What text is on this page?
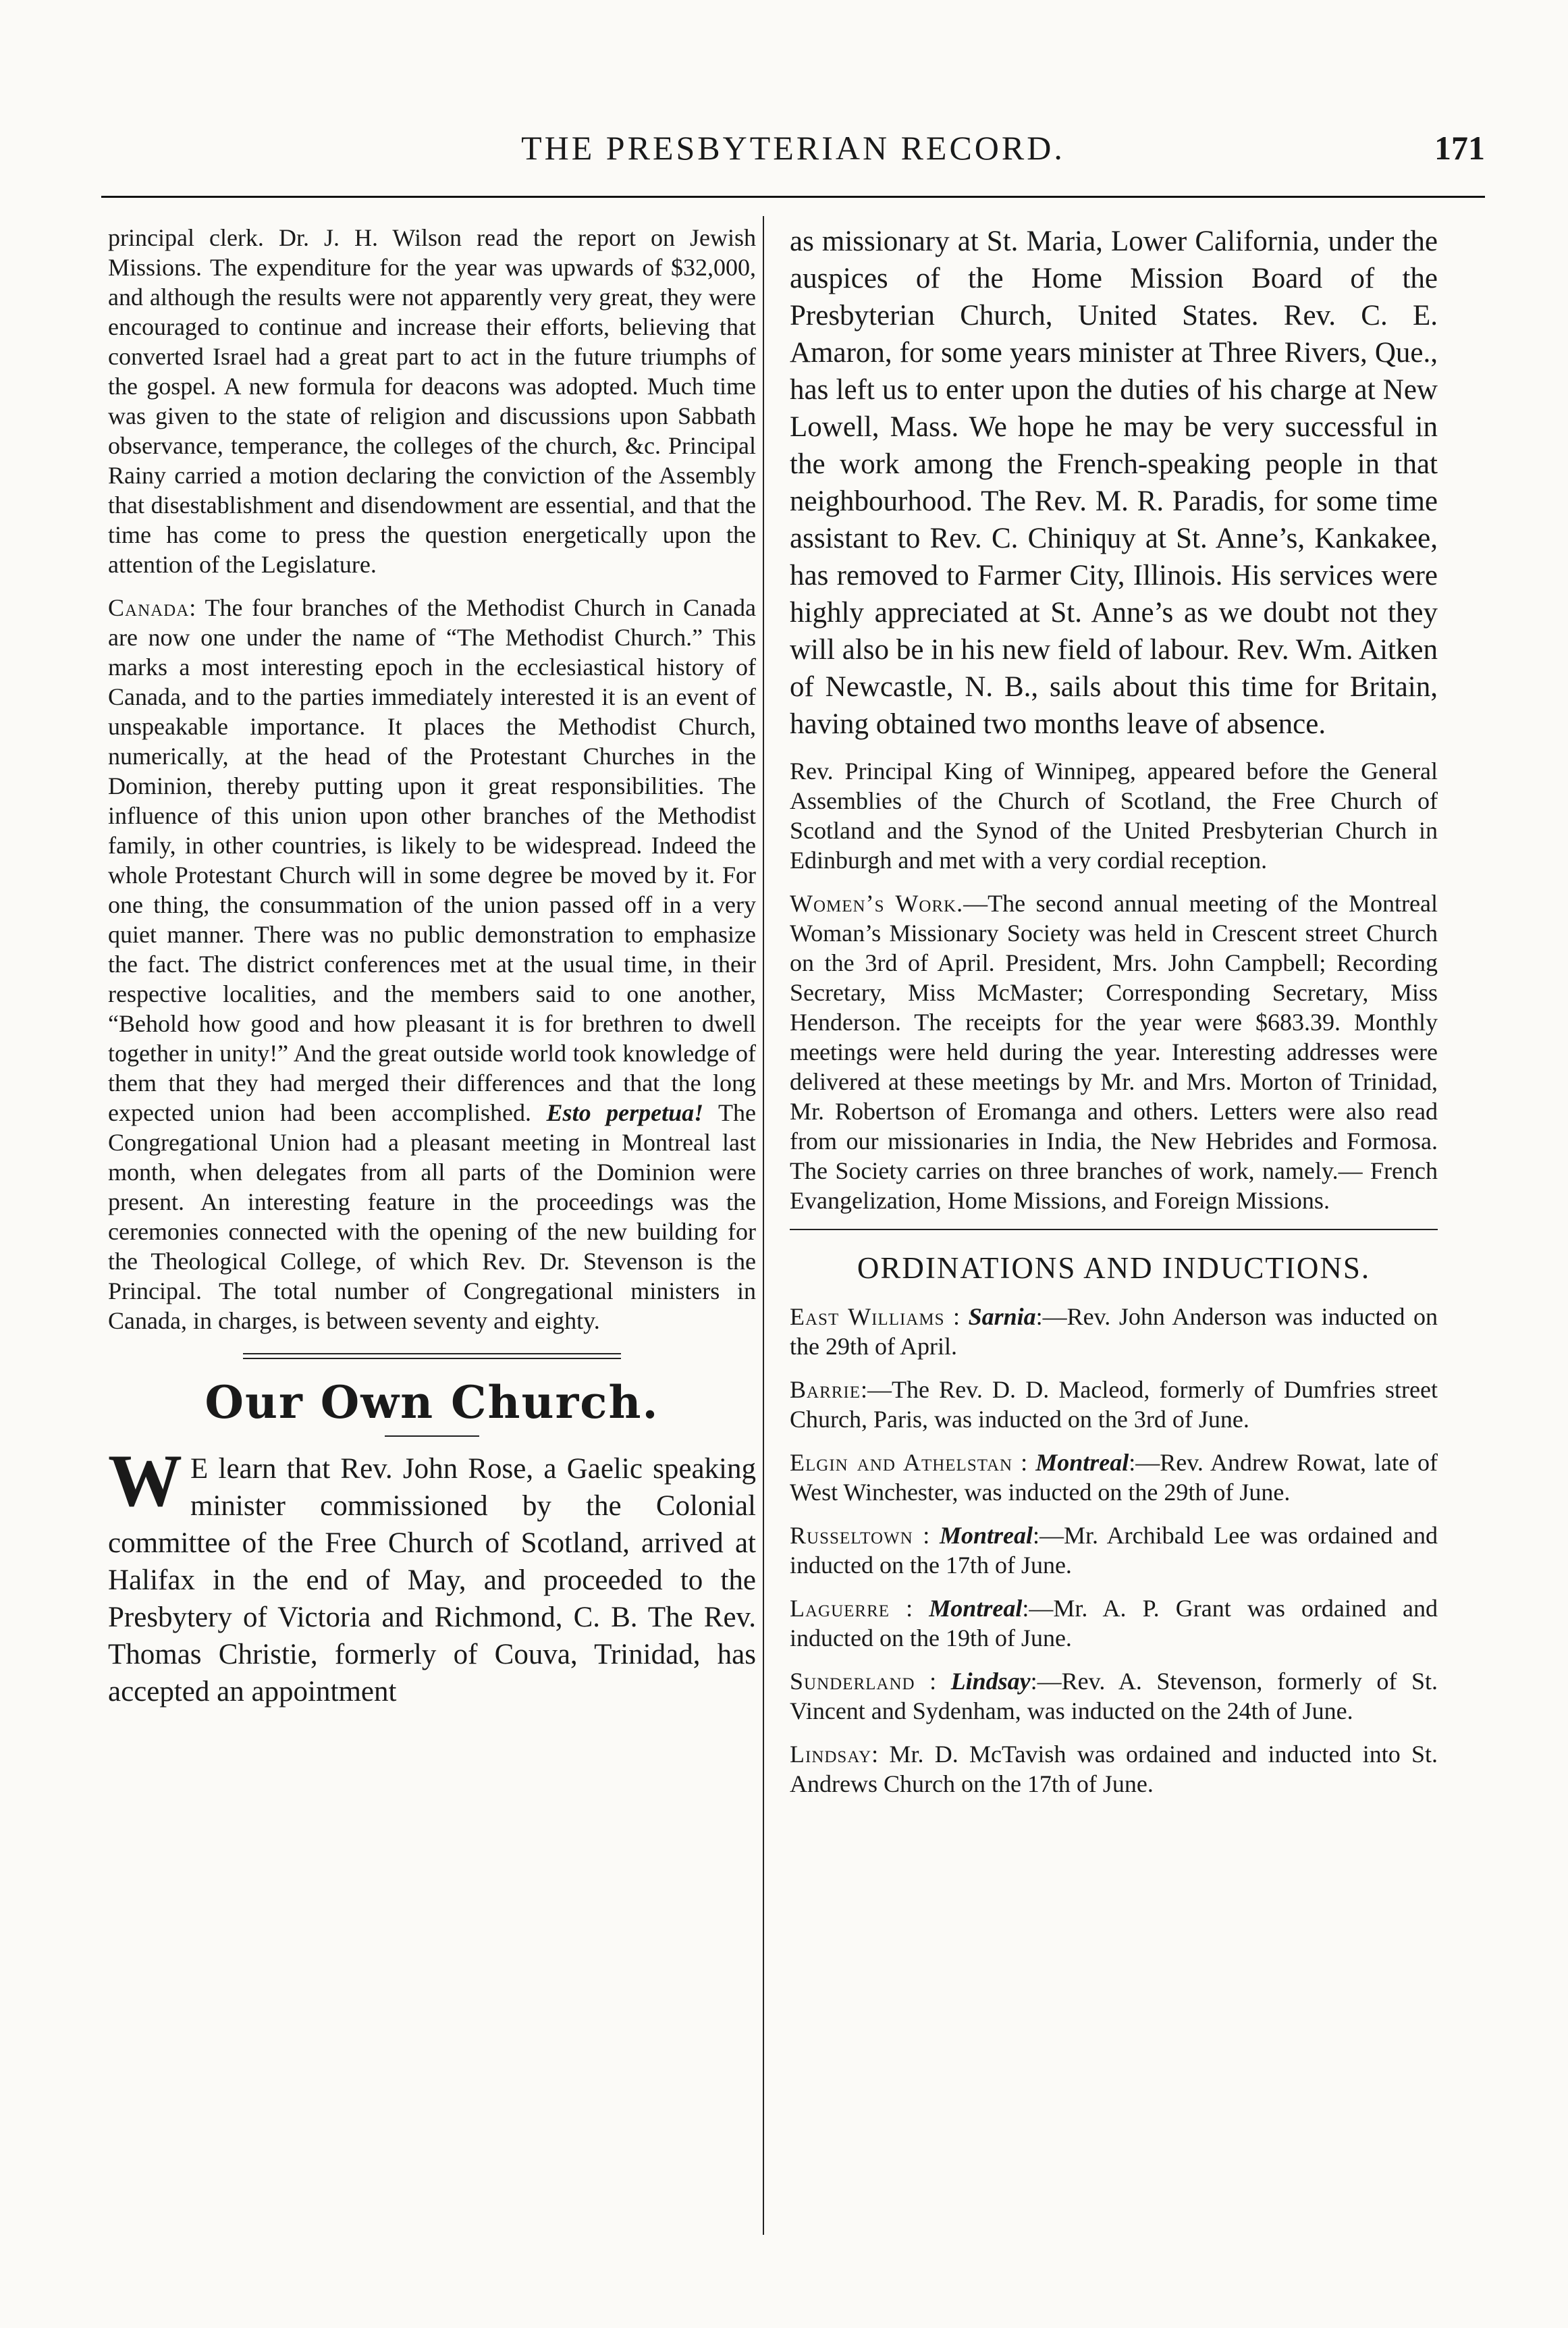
THE PRESBYTERIAN RECORD.	171

principal clerk. Dr. J. H. Wilson read the report on Jewish Missions. The expenditure for the year was upwards of $32,000, and although the results were not apparently very great, they were encouraged to continue and increase their efforts, believing that converted Israel had a great part to act in the future triumphs of the gospel. A new formula for deacons was adopted. Much time was given to the state of religion and discussions upon Sabbath observance, temperance, the colleges of the church, &c. Principal Rainy carried a motion declaring the conviction of the Assembly that disestablishment and disendowment are essential, and that the time has come to press the question energetically upon the attention of the Legislature.

Canada: The four branches of the Methodist Church in Canada are now one under the name of “The Methodist Church.” This marks a most interesting epoch in the ecclesiastical history of Canada, and to the parties immediately interested it is an event of unspeakable importance. It places the Methodist Church, numerically, at the head of the Protestant Churches in the Dominion, thereby putting upon it great responsibilities. The influence of this union upon other branches of the Methodist family, in other countries, is likely to be widespread. Indeed the whole Protestant Church will in some degree be moved by it. For one thing, the consummation of the union passed off in a very quiet manner. There was no public demonstration to emphasize the fact. The district conferences met at the usual time, in their respective localities, and the members said to one another, “Behold how good and how pleasant it is for brethren to dwell together in unity!” And the great outside world took knowledge of them that they had merged their differences and that the long expected union had been accomplished. Esto perpetua! The Congregational Union had a pleasant meeting in Montreal last month, when delegates from all parts of the Dominion were present. An interesting feature in the proceedings was the ceremonies connected with the opening of the new building for the Theological College, of which Rev. Dr. Stevenson is the Principal. The total number of Congregational ministers in Canada, in charges, is between seventy and eighty.

Our Own Church.

W E learn that Rev. John Rose, a Gaelic speaking minister commissioned by the Colonial committee of the Free Church of Scotland, arrived at Halifax in the end of May, and proceeded to the Presbytery of Victoria and Richmond, C. B. The Rev. Thomas Christie, formerly of Couva, Trinidad, has accepted an appointment

as missionary at St. Maria, Lower California, under the auspices of the Home Mission Board of the Presbyterian Church, United States. Rev. C. E. Amaron, for some years minister at Three Rivers, Que., has left us to enter upon the duties of his charge at New Lowell, Mass. We hope he may be very successful in the work among the French-speaking people in that neighbourhood. The Rev. M. R. Paradis, for some time assistant to Rev. C. Chiniquy at St. Anne’s, Kankakee, has removed to Farmer City, Illinois. His services were highly appreciated at St. Anne’s as we doubt not they will also be in his new field of labour. Rev. Wm. Aitken of Newcastle, N. B., sails about this time for Britain, having obtained two months leave of absence.

Rev. Principal King of Winnipeg, appeared before the General Assemblies of the Church of Scotland, the Free Church of Scotland and the Synod of the United Presbyterian Church in Edinburgh and met with a very cordial reception.

Women’s Work.—The second annual meeting of the Montreal Woman’s Missionary Society was held in Crescent street Church on the 3rd of April. President, Mrs. John Campbell; Recording Secretary, Miss McMaster; Corresponding Secretary, Miss Henderson. The receipts for the year were $683.39. Monthly meetings were held during the year. Interesting addresses were delivered at these meetings by Mr. and Mrs. Morton of Trinidad, Mr. Robertson of Eromanga and others. Letters were also read from our missionaries in India, the New Hebrides and Formosa. The Society carries on three branches of work, namely.— French Evangelization, Home Missions, and Foreign Missions.

ORDINATIONS AND INDUCTIONS.

East Williams : Sarnia:—Rev. John Anderson was inducted on the 29th of April.

Barrie:—The Rev. D. D. Macleod, formerly of Dumfries street Church, Paris, was inducted on the 3rd of June.

Elgin and Athelstan : Montreal:—Rev. Andrew Rowat, late of West Winchester, was inducted on the 29th of June.

Russeltown : Montreal:—Mr. Archibald Lee was ordained and inducted on the 17th of June.

Laguerre : Montreal:—Mr. A. P. Grant was ordained and inducted on the 19th of June.

Sunderland : Lindsay:—Rev. A. Stevenson, formerly of St. Vincent and Sydenham, was inducted on the 24th of June.

Lindsay: Mr. D. McTavish was ordained and inducted into St. Andrews Church on the 17th of June.
